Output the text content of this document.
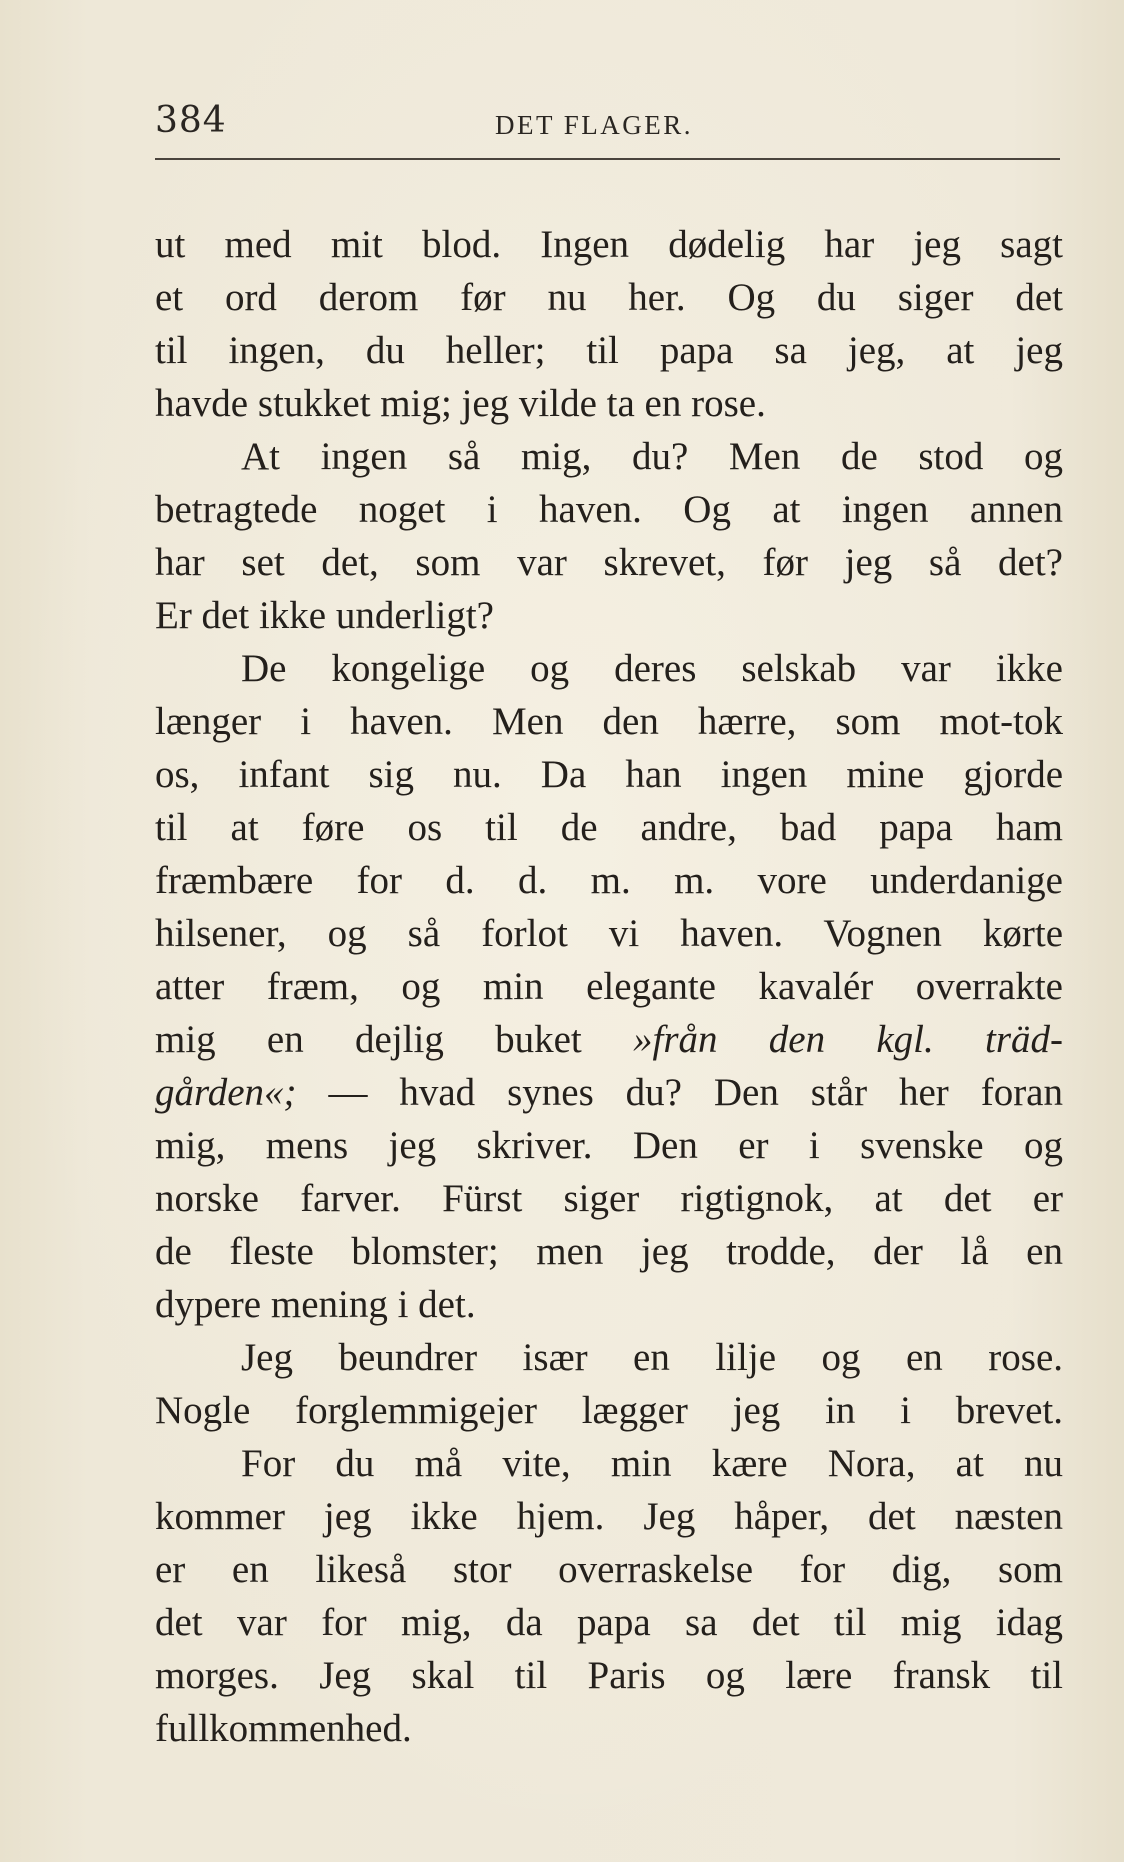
384	DET FLAGER.
ut med mit blod. Ingen dødelig har jeg sagt
et ord derom før nu her. Og du siger det
til ingen, du heller; til papa sa jeg, at jeg
havde stukket mig; jeg vilde ta en rose.
At ingen så mig, du? Men de stod og
betragtede noget i haven. Og at ingen annen
har set det, som var skrevet, før jeg så det?
Er det ikke underligt?
De kongelige og deres selskab var ikke
længer i haven. Men den hærre, som mot-tok
os, infant sig nu. Da han ingen mine gjorde
til at føre os til de andre, bad papa ham
fræmbære for d. d. m. m. vore underdanige
hilsener, og så forlot vi haven. Vognen kørte
atter fræm, og min elegante kavalér overrakte
mig en dejlig buket »från den kgl. träd-
gården«; — hvad synes du? Den står her foran
mig, mens jeg skriver. Den er i svenske og
norske farver. Fürst siger rigtignok, at det er
de fleste blomster; men jeg trodde, der lå en
dypere mening i det.
Jeg beundrer især en lilje og en rose.
Nogle forglemmigejer lægger jeg in i brevet.
For du må vite, min kære Nora, at nu
kommer jeg ikke hjem. Jeg håper, det næsten
er en likeså stor overraskelse for dig, som
det var for mig, da papa sa det til mig idag
morges. Jeg skal til Paris og lære fransk til
fullkommenhed.
